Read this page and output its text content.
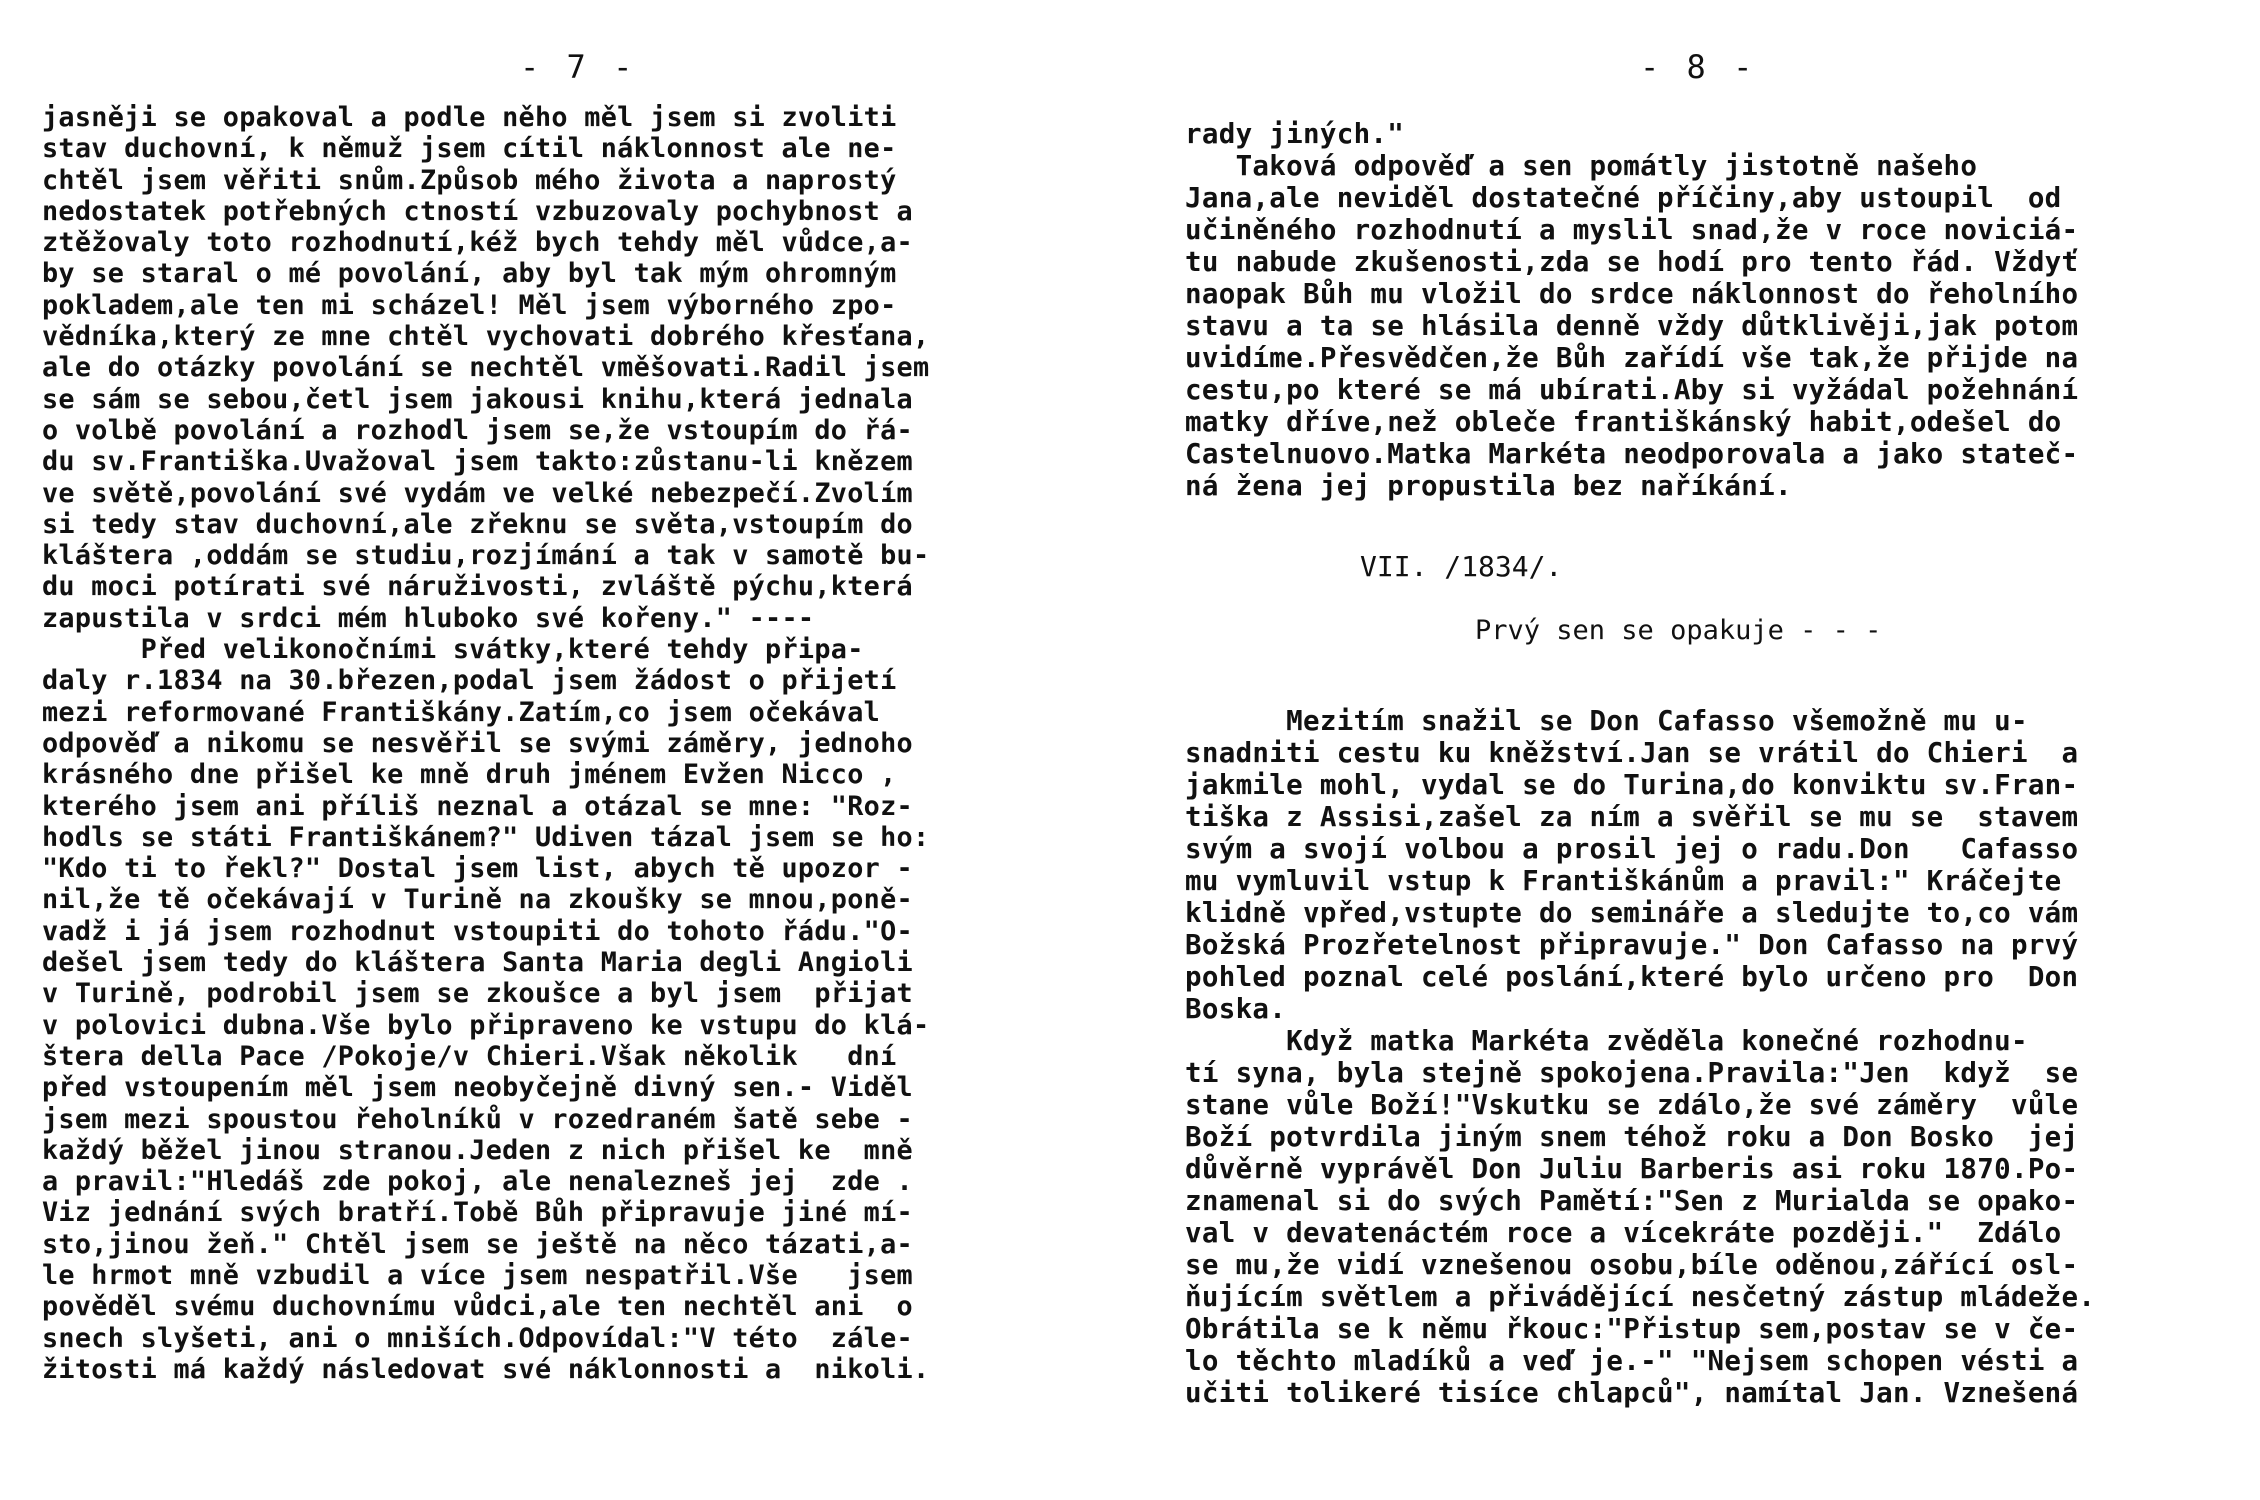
- 7 -
jasněji se opakoval a podle něho měl jsem si zvoliti
stav duchovní, k němuž jsem cítil náklonnost ale ne-
chtěl jsem věřiti snům.Způsob mého života a naprostý
nedostatek potřebných ctností vzbuzovaly pochybnost a
ztěžovaly toto rozhodnutí,kéž bych tehdy měl vůdce,a-
by se staral o mé povolání, aby byl tak mým ohromným
pokladem,ale ten mi scházel! Měl jsem výborného zpo-
vědníka,který ze mne chtěl vychovati dobrého křesťana,
ale do otázky povolání se nechtěl vměšovati.Radil jsem
se sám se sebou,četl jsem jakousi knihu,která jednala
o volbě povolání a rozhodl jsem se,že vstoupím do řá-
du sv.Františka.Uvažoval jsem takto:zůstanu-li knězem
ve světě,povolání své vydám ve velké nebezpečí.Zvolím
si tedy stav duchovní,ale zřeknu se světa,vstoupím do
kláštera ,oddám se studiu,rozjímání a tak v samotě bu-
du moci potírati své náruživosti, zvláště pýchu,která
zapustila v srdci mém hluboko své kořeny." ----
Před velikonočními svátky,které tehdy připa-
daly r.1834 na 30.březen,podal jsem žádost o přijetí
mezi reformované Františkány.Zatím,co jsem očekával
odpověď a nikomu se nesvěřil se svými záměry, jednoho
krásného dne přišel ke mně druh jménem Evžen Nicco ,
kterého jsem ani příliš neznal a otázal se mne: "Roz-
hodls se státi Františkánem?" Udiven tázal jsem se ho:
"Kdo ti to řekl?" Dostal jsem list, abych tě upozor -
nil,že tě očekávají v Turině na zkoušky se mnou,poně-
vadž i já jsem rozhodnut vstoupiti do tohoto řádu."O-
dešel jsem tedy do kláštera Santa Maria degli Angioli
v Turině, podrobil jsem se zkoušce a byl jsem  přijat
v polovici dubna.Vše bylo připraveno ke vstupu do klá-
štera della Pace /Pokoje/v Chieri.Však několik   dní
před vstoupením měl jsem neobyčejně divný sen.- Viděl
jsem mezi spoustou řeholníků v rozedraném šatě sebe -
každý běžel jinou stranou.Jeden z nich přišel ke  mně
a pravil:"Hledáš zde pokoj, ale nenalezneš jej  zde .
Viz jednání svých bratří.Tobě Bůh připravuje jiné mí-
sto,jinou žeň." Chtěl jsem se ještě na něco tázati,a-
le hrmot mně vzbudil a více jsem nespatřil.Vše   jsem
pověděl svému duchovnímu vůdci,ale ten nechtěl ani  o
snech slyšeti, ani o mniších.Odpovídal:"V této  zále-
žitosti má každý následovat své náklonnosti a  nikoli.
- 8 -
rady jiných."
Taková odpověď a sen pomátly jistotně našeho
Jana,ale neviděl dostatečné příčiny,aby ustoupil  od
učiněného rozhodnutí a myslil snad,že v roce noviciá-
tu nabude zkušenosti,zda se hodí pro tento řád. Vždyť
naopak Bůh mu vložil do srdce náklonnost do řeholního
stavu a ta se hlásila denně vždy důtklivěji,jak potom
uvidíme.Přesvědčen,že Bůh zařídí vše tak,že přijde na
cestu,po které se má ubírati.Aby si vyžádal požehnání
matky dříve,než obleče františkánský habit,odešel do
Castelnuovo.Matka Markéta neodporovala a jako stateč-
ná žena jej propustila bez naříkání.
VII. /1834/.
Prvý sen se opakuje - - -
Mezitím snažil se Don Cafasso všemožně mu u-
snadniti cestu ku kněžství.Jan se vrátil do Chieri  a
jakmile mohl, vydal se do Turina,do konviktu sv.Fran-
tiška z Assisi,zašel za ním a svěřil se mu se  stavem
svým a svojí volbou a prosil jej o radu.Don   Cafasso
mu vymluvil vstup k Františkánům a pravil:" Kráčejte
klidně vpřed,vstupte do semináře a sledujte to,co vám
Božská Prozřetelnost připravuje." Don Cafasso na prvý
pohled poznal celé poslání,které bylo určeno pro  Don
Boska.
Když matka Markéta zvěděla konečné rozhodnu-
tí syna, byla stejně spokojena.Pravila:"Jen  když  se
stane vůle Boží!"Vskutku se zdálo,že své záměry  vůle
Boží potvrdila jiným snem téhož roku a Don Bosko  jej
důvěrně vyprávěl Don Juliu Barberis asi roku 1870.Po-
znamenal si do svých Pamětí:"Sen z Murialda se opako-
val v devatenáctém roce a vícekráte později."  Zdálo
se mu,že vidí vznešenou osobu,bíle oděnou,zářící osl-
ňujícím světlem a přivádějící nesčetný zástup mládeže.
Obrátila se k němu řkouc:"Přistup sem,postav se v če-
lo těchto mladíků a veď je.-" "Nejsem schopen vésti a
učiti tolikeré tisíce chlapců", namítal Jan. Vznešená
